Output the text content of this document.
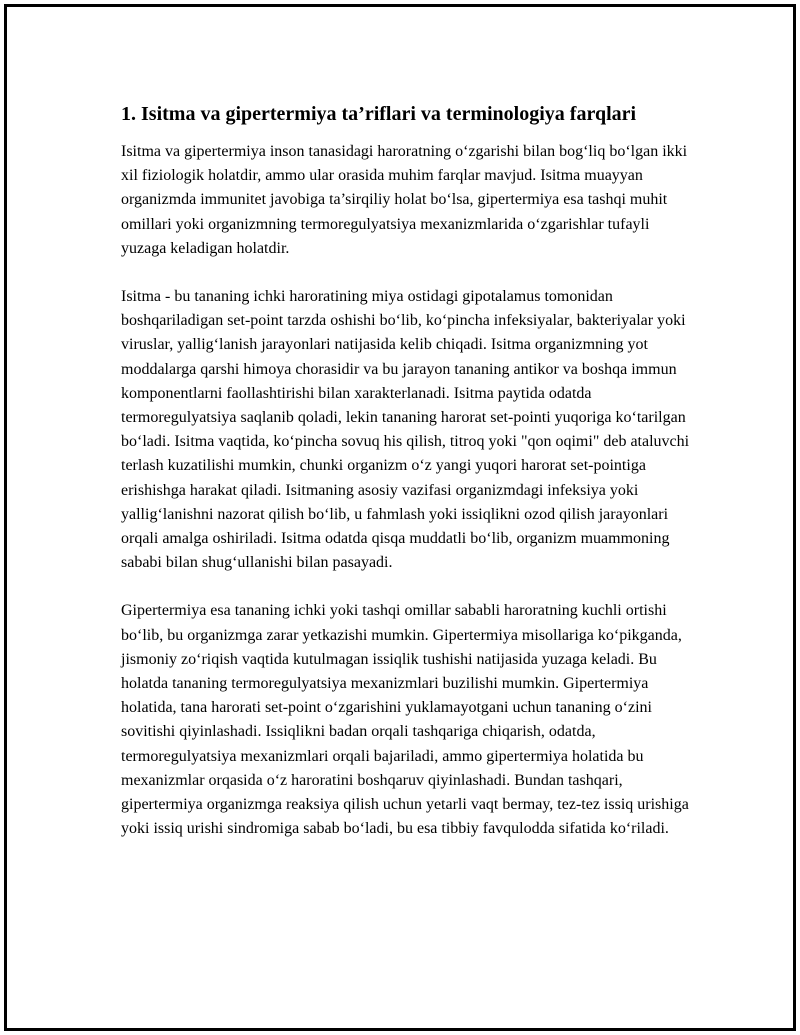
1. Isitma va gipertermiya ta’riflari va terminologiya farqlari

Isitma va gipertermiya inson tanasidagi haroratning o‘zgarishi bilan bog‘liq bo‘lgan ikki xil fiziologik holatdir, ammo ular orasida muhim farqlar mavjud. Isitma muayyan organizmda immunitet javobiga ta’sirqiliy holat bo‘lsa, gipertermiya esa tashqi muhit omillari yoki organizmning termoregulyatsiya mexanizmlarida o‘zgarishlar tufayli yuzaga keladigan holatdir.

Isitma - bu tananing ichki haroratining miya ostidagi gipotalamus tomonidan boshqariladigan set-point tarzda oshishi bo‘lib, ko‘pincha infeksiyalar, bakteriyalar yoki viruslar, yallig‘lanish jarayonlari natijasida kelib chiqadi. Isitma organizmning yot moddalarga qarshi himoya chorasidir va bu jarayon tananing antikor va boshqa immun komponentlarni faollashtirishi bilan xarakterlanadi. Isitma paytida odatda termoregulyatsiya saqlanib qoladi, lekin tananing harorat set-pointi yuqoriga ko‘tarilgan bo‘ladi. Isitma vaqtida, ko‘pincha sovuq his qilish, titroq yoki "qon oqimi" deb ataluvchi terlash kuzatilishi mumkin, chunki organizm o‘z yangi yuqori harorat set-pointiga erishishga harakat qiladi. Isitmaning asosiy vazifasi organizmdagi infeksiya yoki yallig‘lanishni nazorat qilish bo‘lib, u fahmlash yoki issiqlikni ozod qilish jarayonlari orqali amalga oshiriladi. Isitma odatda qisqa muddatli bo‘lib, organizm muammoning sababi bilan shug‘ullanishi bilan pasayadi.

Gipertermiya esa tananing ichki yoki tashqi omillar sababli haroratning kuchli ortishi bo‘lib, bu organizmga zarar yetkazishi mumkin. Gipertermiya misollariga ko‘pikganda, jismoniy zo‘riqish vaqtida kutulmagan issiqlik tushishi natijasida yuzaga keladi. Bu holatda tananing termoregulyatsiya mexanizmlari buzilishi mumkin. Gipertermiya holatida, tana harorati set-point o‘zgarishini yuklamayotgani uchun tananing o‘zini sovitishi qiyinlashadi. Issiqlikni badan orqali tashqariga chiqarish, odatda, termoregulyatsiya mexanizmlari orqali bajariladi, ammo gipertermiya holatida bu mexanizmlar orqasida o‘z haroratini boshqaruv qiyinlashadi. Bundan tashqari, gipertermiya organizmga reaksiya qilish uchun yetarli vaqt bermay, tez-tez issiq urishiga yoki issiq urishi sindromiga sabab bo‘ladi, bu esa tibbiy favqulodda sifatida ko‘riladi.
